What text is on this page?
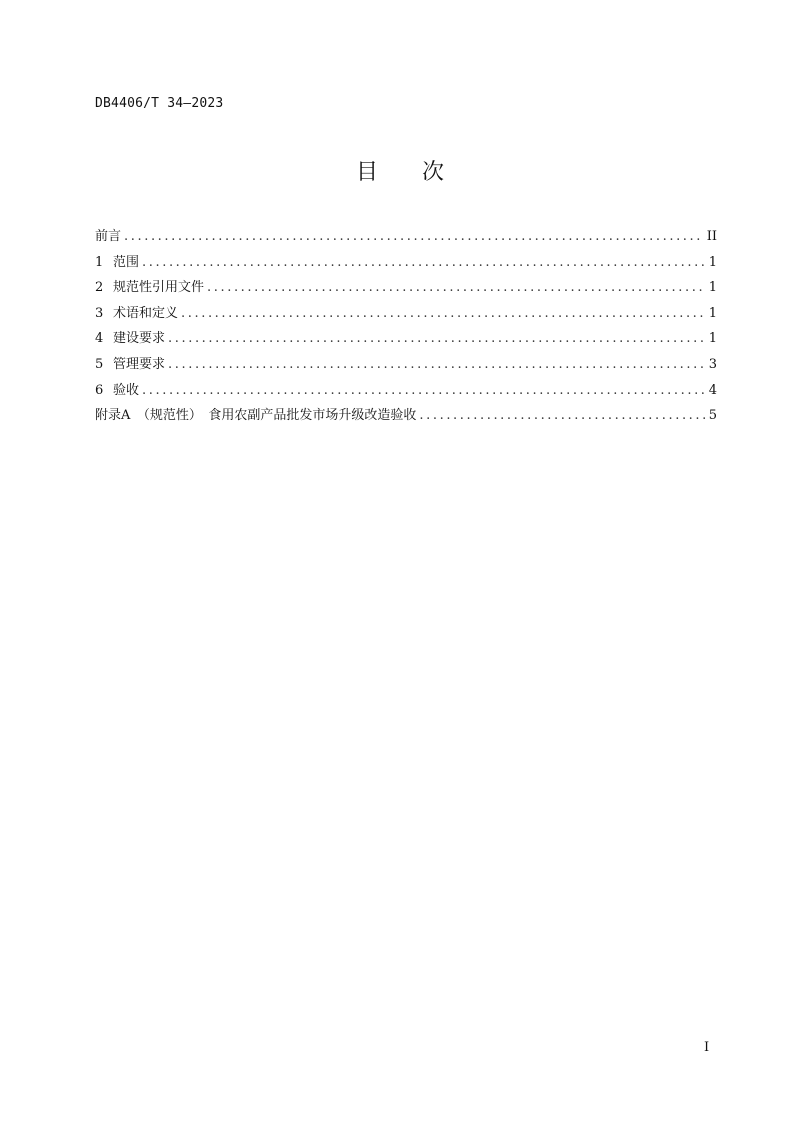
DB4406/T 34—2023
目次
前言 .....	II
1 范围 .....	1
2 规范性引用文件 .....	1
3 术语和定义 .....	1
4 建设要求 .....	1
5 管理要求 .....	3
6 验收 .....	4
附录A　（规范性）　食用农副产品批发市场升级改造验收 .....	5
I
